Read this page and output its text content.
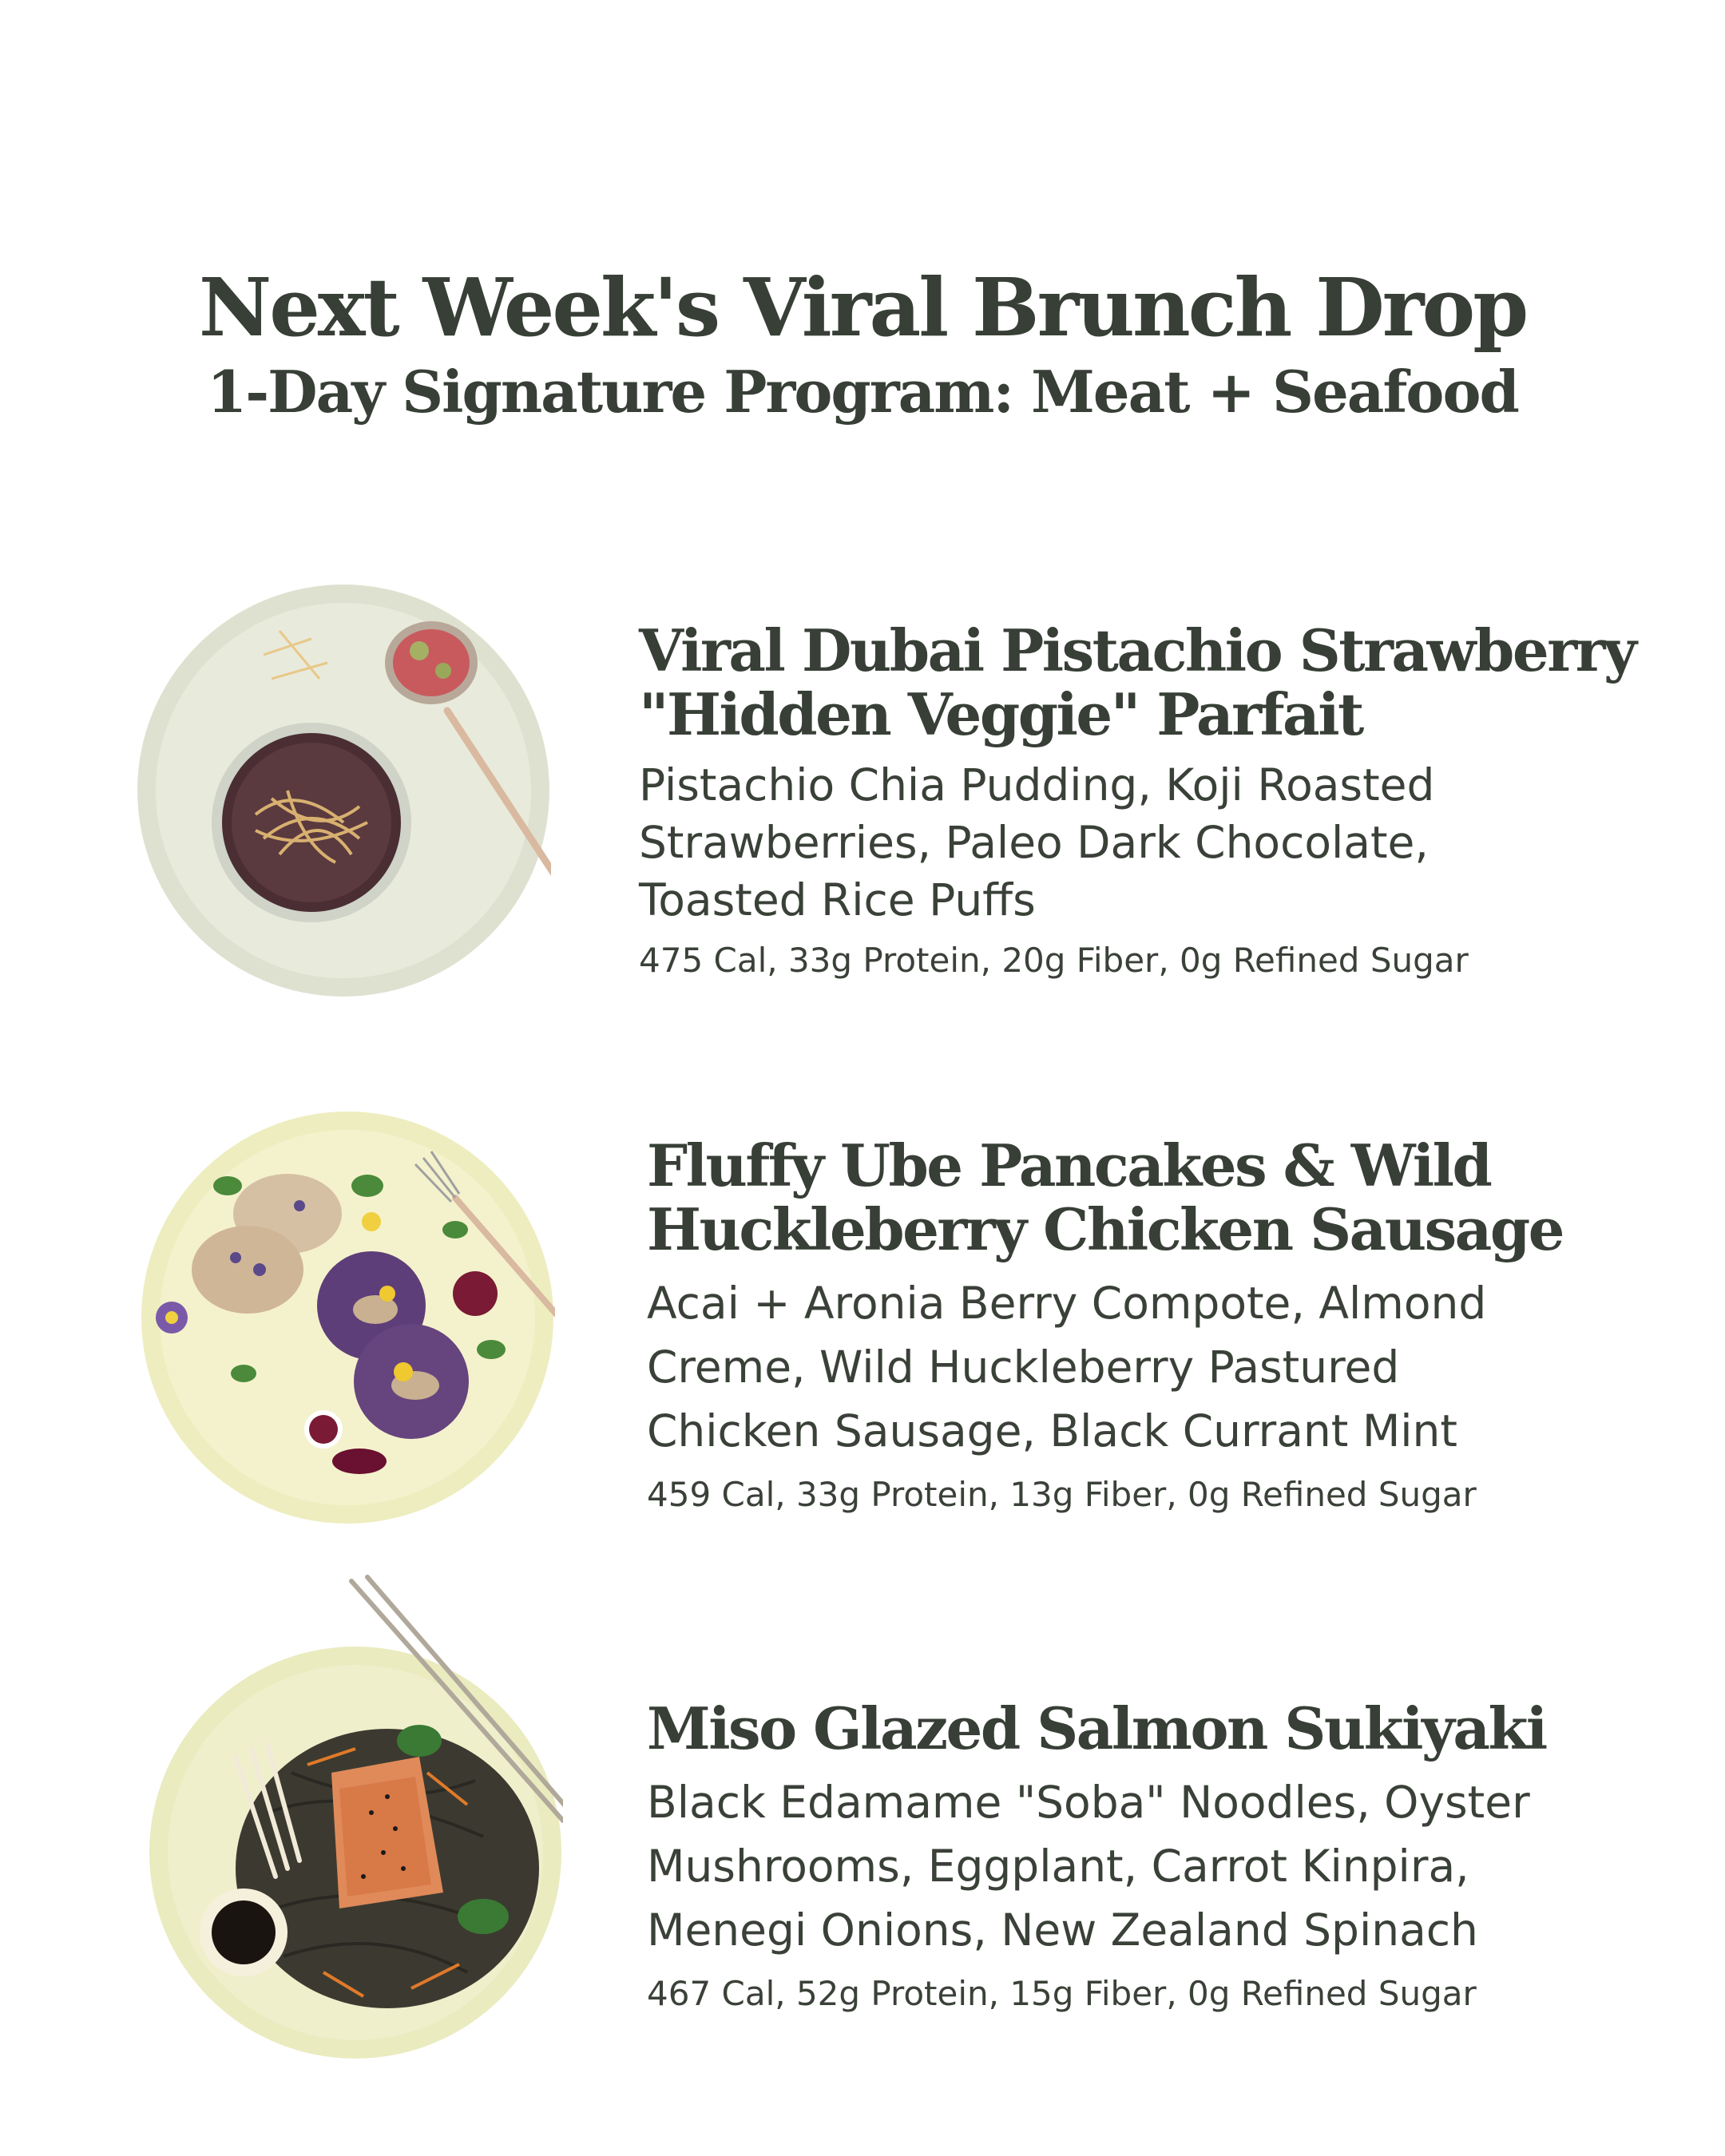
Next Week's Viral Brunch Drop
1-Day Signature Program: Meat + Seafood

Viral Dubai Pistachio Strawberry
"Hidden Veggie" Parfait

Pistachio Chia Pudding, Koji Roasted
Strawberries, Paleo Dark Chocolate,
Toasted Rice Puffs

475 Cal, 33g Protein, 20g Fiber, 0g Refined Sugar

Fluffy Ube Pancakes & Wild
Huckleberry Chicken Sausage

Acai + Aronia Berry Compote, Almond
Creme, Wild Huckleberry Pastured
Chicken Sausage, Black Currant Mint

459 Cal, 33g Protein, 13g Fiber, 0g Refined Sugar

Miso Glazed Salmon Sukiyaki

Black Edamame "Soba" Noodles, Oyster
Mushrooms, Eggplant, Carrot Kinpira,
Menegi Onions, New Zealand Spinach

467 Cal, 52g Protein, 15g Fiber, 0g Refined Sugar
